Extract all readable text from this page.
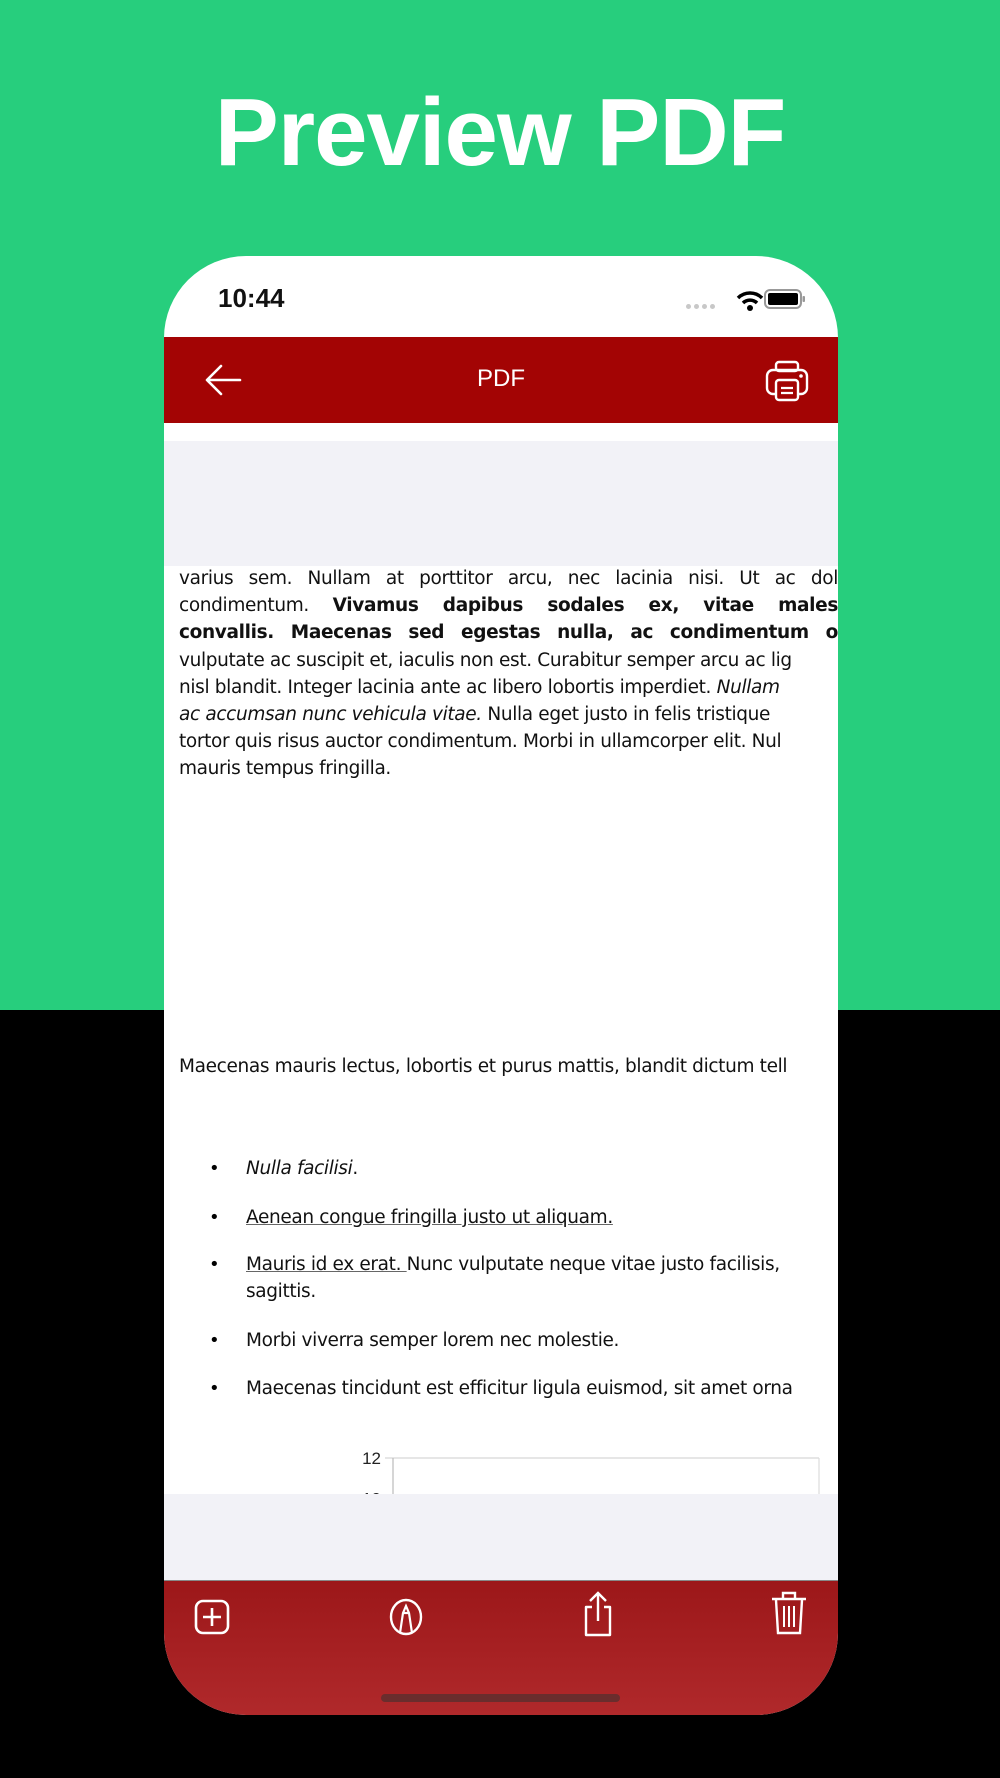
Preview PDF
10:44
PDF
varius sem. Nullam at porttitor arcu, nec lacinia nisi. Ut ac dol
condimentum. Vivamus dapibus sodales ex, vitae males
convallis. Maecenas sed egestas nulla, ac condimentum o
vulputate ac suscipit et, iaculis non est. Curabitur semper arcu ac lig
nisl blandit. Integer lacinia ante ac libero lobortis imperdiet. Nullam
ac accumsan nunc vehicula vitae. Nulla eget justo in felis tristique
tortor quis risus auctor condimentum. Morbi in ullamcorper elit. Nul
mauris tempus fringilla.
Maecenas mauris lectus, lobortis et purus mattis, blandit dictum tell
• Nulla facilisi.
• Aenean congue fringilla justo ut aliquam.
• Mauris id ex erat. Nunc vulputate neque vitae justo facilisis,
• Morbi viverra semper lorem nec molestie.
• Maecenas tincidunt est efficitur ligula euismod, sit amet orna
sagittis.
12
Row 1	Row 2	Row 3	Row 4
